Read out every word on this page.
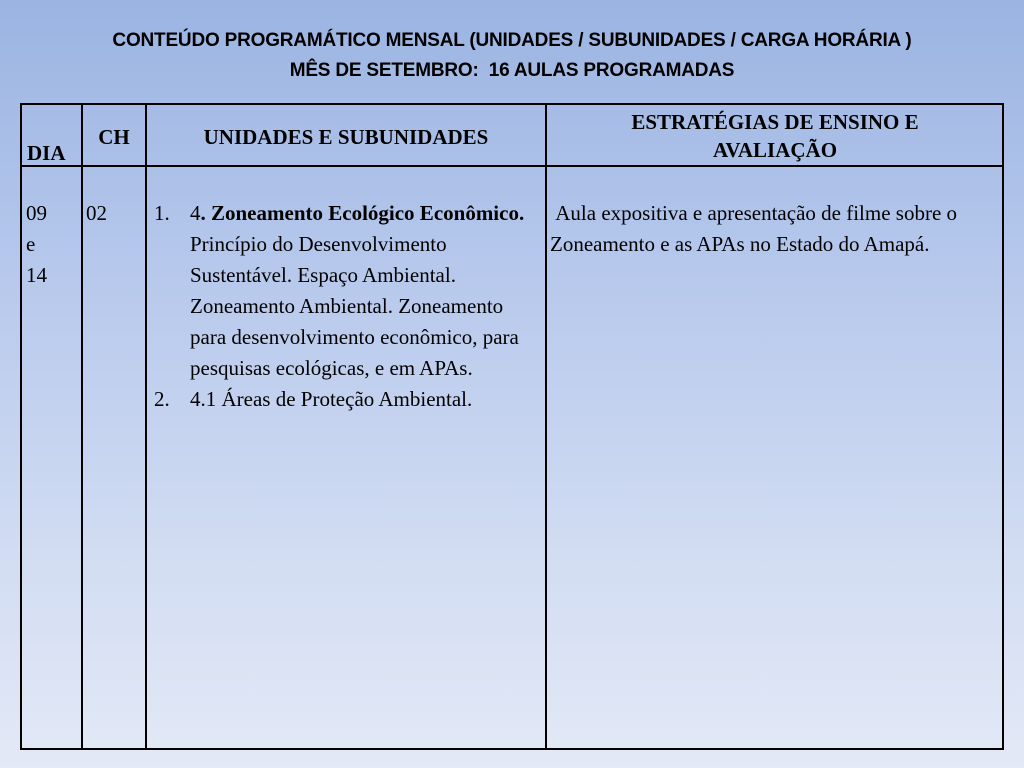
CONTEÚDO PROGRAMÁTICO MENSAL (UNIDADES / SUBUNIDADES / CARGA HORÁRIA )
MÊS DE SETEMBRO:  16 AULAS PROGRAMADAS
DIA
CH	UNIDADES E SUBUNIDADES
ESTRATÉGIAS DE ENSINO E AVALIAÇÃO
09
e
14
02	1. 4. Zoneamento Ecológico Econômico. Princípio do Desenvolvimento Sustentável. Espaço Ambiental. Zoneamento Ambiental. Zoneamento para desenvolvimento econômico, para pesquisas ecológicas, e em APAs.
2. 4.1 Áreas de Proteção Ambiental.
Aula expositiva e apresentação de filme sobre o Zoneamento e as APAs no Estado do Amapá.
